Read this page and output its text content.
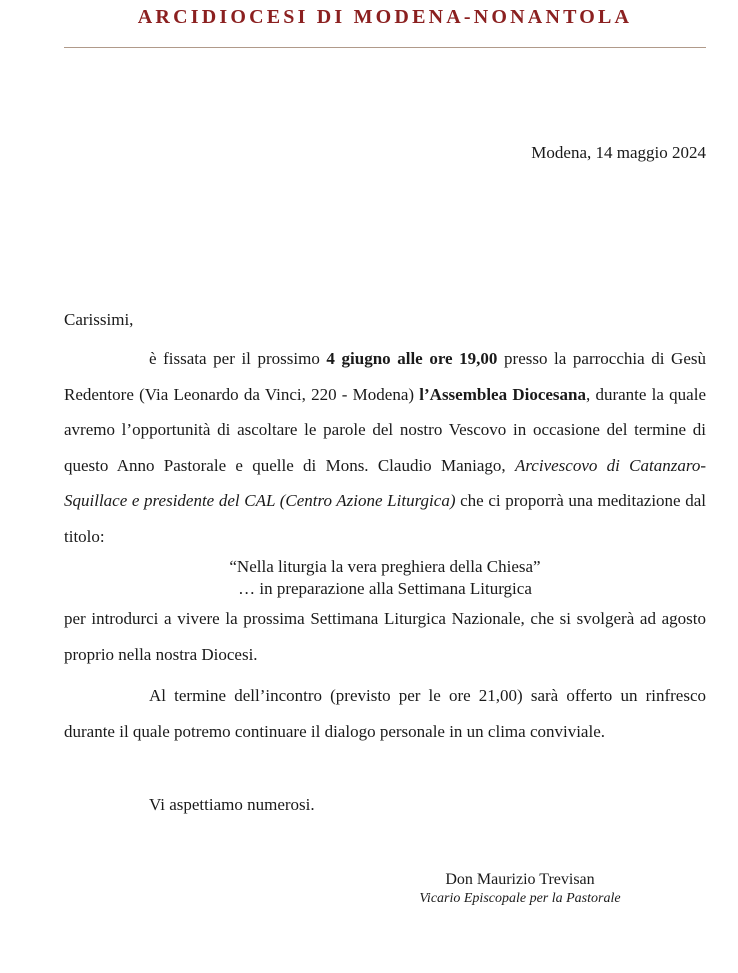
ARCIDIOCESI DI MODENA-NONANTOLA
Modena, 14 maggio 2024
Carissimi,

è fissata per il prossimo 4 giugno alle ore 19,00 presso la parrocchia di Gesù Redentore (Via Leonardo da Vinci, 220 - Modena) l’Assemblea Diocesana, durante la quale avremo l’opportunità di ascoltare le parole del nostro Vescovo in occasione del termine di questo Anno Pastorale e quelle di Mons. Claudio Maniago, Arcivescovo di Catanzaro-Squillace e presidente del CAL (Centro Azione Liturgica) che ci proporrà una meditazione dal titolo:

“Nella liturgia la vera preghiera della Chiesa”
… in preparazione alla Settimana Liturgica

per introdurci a vivere la prossima Settimana Liturgica Nazionale, che si svolgerà ad agosto proprio nella nostra Diocesi.

Al termine dell’incontro (previsto per le ore 21,00) sarà offerto un rinfresco durante il quale potremo continuare il dialogo personale in un clima conviviale.

Vi aspettiamo numerosi.
Don Maurizio Trevisan
Vicario Episcopale per la Pastorale
